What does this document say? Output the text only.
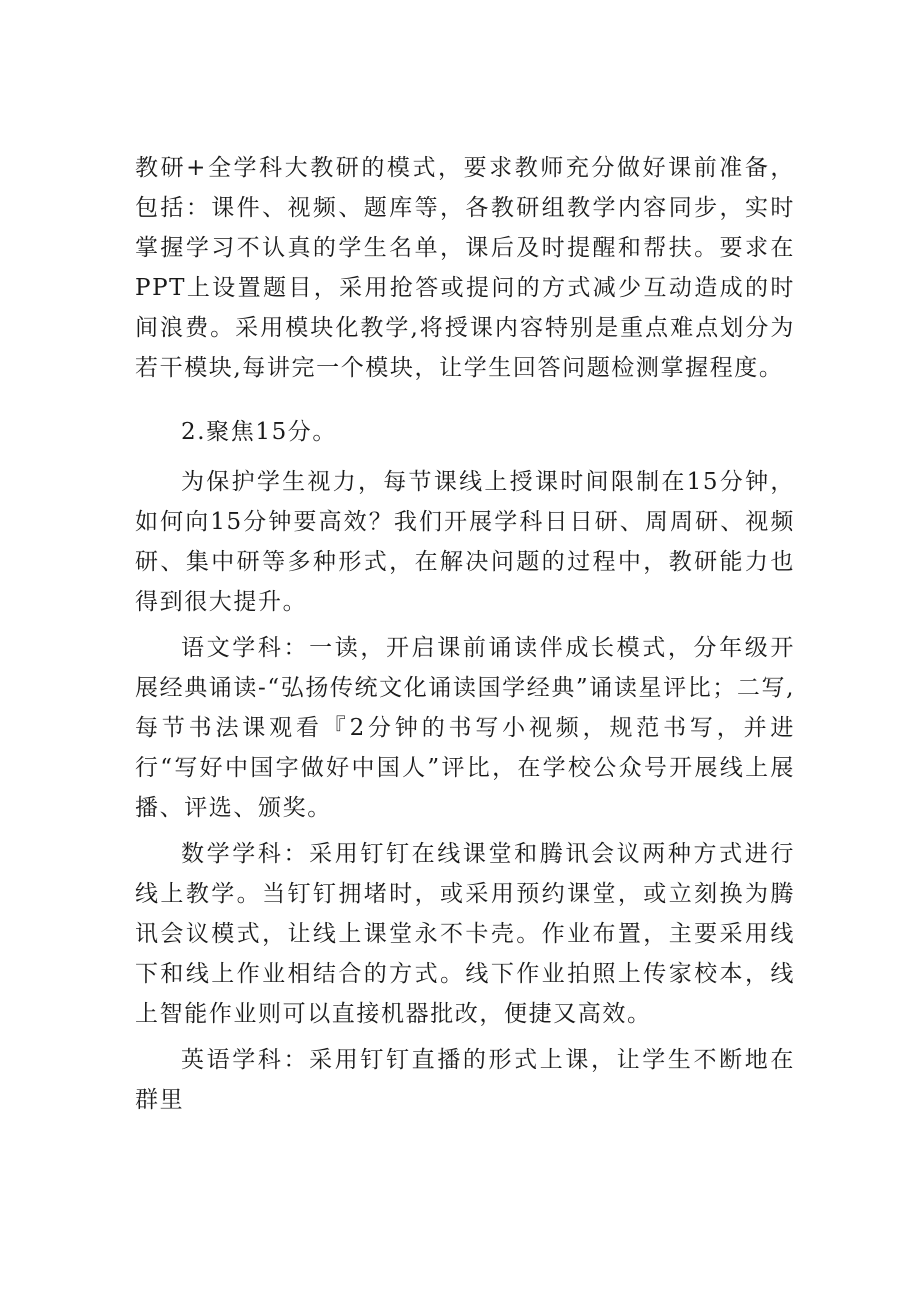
教研+全学科大教研的模式，要求教师充分做好课前准备，包括：课件、视频、题库等，各教研组教学内容同步，实时掌握学习不认真的学生名单，课后及时提醒和帮扶。要求在PPT上设置题目，采用抢答或提问的方式减少互动造成的时间浪费。采用模块化教学,将授课内容特别是重点难点划分为若干模块,每讲完一个模块，让学生回答问题检测掌握程度。

2.聚焦15分。

为保护学生视力，每节课线上授课时间限制在15分钟，如何向15分钟要高效？我们开展学科日日研、周周研、视频研、集中研等多种形式，在解决问题的过程中，教研能力也得到很大提升。

语文学科：一读，开启课前诵读伴成长模式，分年级开展经典诵读-“弘扬传统文化诵读国学经典”诵读星评比；二写,每节书法课观看『2分钟的书写小视频，规范书写，并进行“写好中国字做好中国人”评比，在学校公众号开展线上展播、评选、颁奖。

数学学科：采用钉钉在线课堂和腾讯会议两种方式进行线上教学。当钉钉拥堵时，或采用预约课堂，或立刻换为腾讯会议模式，让线上课堂永不卡壳。作业布置，主要采用线下和线上作业相结合的方式。线下作业拍照上传家校本，线上智能作业则可以直接机器批改，便捷又高效。

英语学科：采用钉钉直播的形式上课，让学生不断地在群里
